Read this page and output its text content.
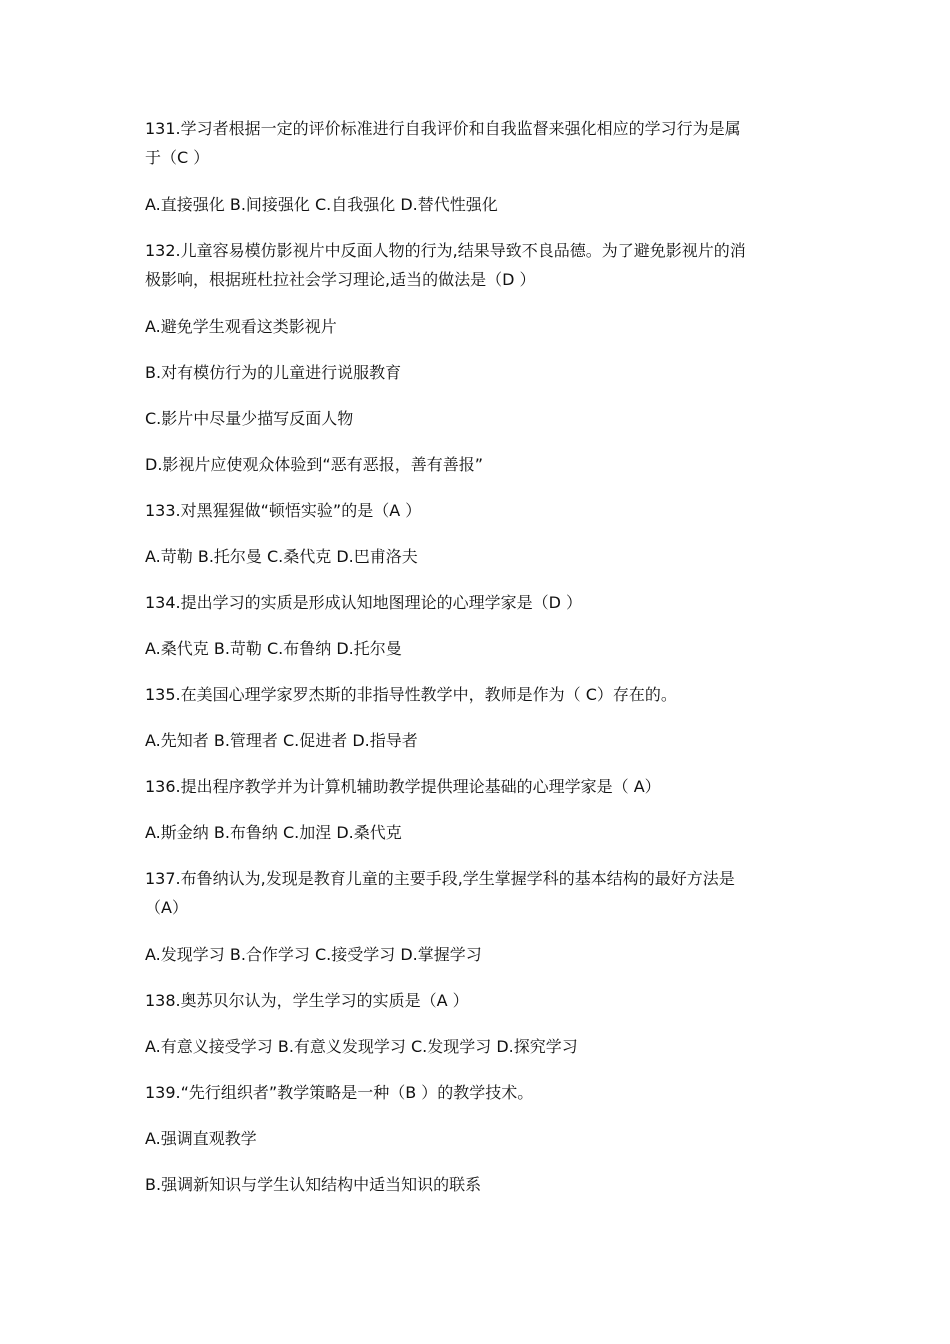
131.学习者根据一定的评价标准进行自我评价和自我监督来强化相应的学习行为是属
于（C ）
A.直接强化 B.间接强化 C.自我强化 D.替代性强化
132.儿童容易模仿影视片中反面人物的行为,结果导致不良品德。为了避免影视片的消
极影响，根据班杜拉社会学习理论,适当的做法是（D ）
A.避免学生观看这类影视片
B.对有模仿行为的儿童进行说服教育
C.影片中尽量少描写反面人物
D.影视片应使观众体验到“恶有恶报，善有善报”
133.对黑猩猩做“顿悟实验”的是（A ）
A.苛勒 B.托尔曼 C.桑代克 D.巴甫洛夫
134.提出学习的实质是形成认知地图理论的心理学家是（D ）
A.桑代克 B.苛勒 C.布鲁纳 D.托尔曼
135.在美国心理学家罗杰斯的非指导性教学中，教师是作为（ C）存在的。
A.先知者 B.管理者 C.促进者 D.指导者
136.提出程序教学并为计算机辅助教学提供理论基础的心理学家是（ A）
A.斯金纳 B.布鲁纳 C.加涅 D.桑代克
137.布鲁纳认为,发现是教育儿童的主要手段,学生掌握学科的基本结构的最好方法是
（A）
A.发现学习 B.合作学习 C.接受学习 D.掌握学习
138.奥苏贝尔认为，学生学习的实质是（A ）
A.有意义接受学习 B.有意义发现学习 C.发现学习 D.探究学习
139.“先行组织者”教学策略是一种（B ）的教学技术。
A.强调直观教学
B.强调新知识与学生认知结构中适当知识的联系
